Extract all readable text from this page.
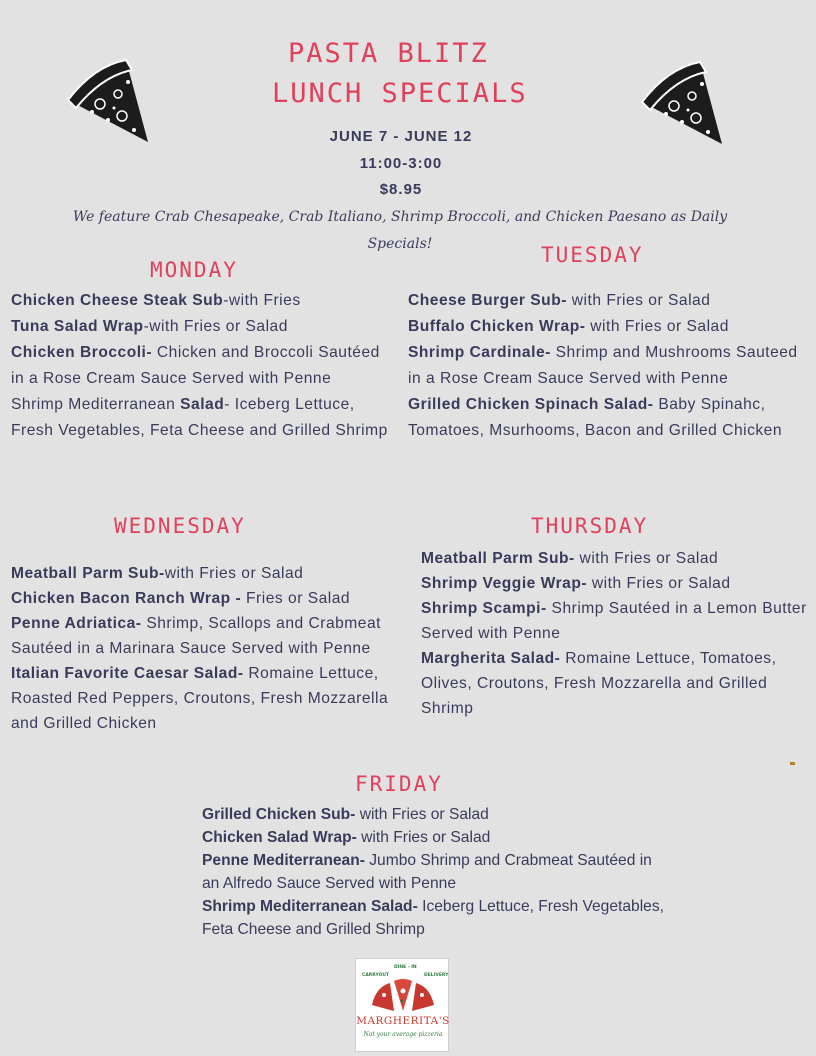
PASTA BLITZ
LUNCH SPECIALS
JUNE 7 - JUNE 12
11:00-3:00
$8.95
We feature Crab Chesapeake, Crab Italiano, Shrimp Broccoli, and Chicken Paesano as Daily Specials!
MONDAY

Chicken Cheese Steak Sub-with Fries

Tuna Salad Wrap-with Fries or Salad

Chicken Broccoli- Chicken and Broccoli Sautéed in a Rose Cream Sauce Served with Penne

Shrimp Mediterranean Salad- Iceberg Lettuce, Fresh Vegetables, Feta Cheese and Grilled Shrimp

TUESDAY

Cheese Burger Sub- with Fries or Salad

Buffalo Chicken Wrap- with Fries or Salad

Shrimp Cardinale- Shrimp and Mushrooms Sauteed in a Rose Cream Sauce Served with Penne

Grilled Chicken Spinach Salad- Baby Spinahc, Tomatoes, Msurhooms, Bacon and Grilled Chicken

WEDNESDAY

Meatball Parm Sub-with Fries or Salad

Chicken Bacon Ranch Wrap - Fries or Salad

Penne Adriatica- Shrimp, Scallops and Crabmeat Sautéed in a Marinara Sauce Served with Penne

Italian Favorite Caesar Salad- Romaine Lettuce, Roasted Red Peppers, Croutons, Fresh Mozzarella and Grilled Chicken

THURSDAY

Meatball Parm Sub- with Fries or Salad

Shrimp Veggie Wrap- with Fries or Salad

Shrimp Scampi- Shrimp Sautéed in a Lemon Butter Served with Penne

Margherita Salad- Romaine Lettuce, Tomatoes, Olives, Croutons, Fresh Mozzarella and Grilled Shrimp

FRIDAY

Grilled Chicken Sub- with Fries or Salad

Chicken Salad Wrap- with Fries or Salad

Penne Mediterranean- Jumbo Shrimp and Crabmeat Sautéed in an Alfredo Sauce Served with Penne

Shrimp Mediterranean Salad- Iceberg Lettuce, Fresh Vegetables, Feta Cheese and Grilled Shrimp

CARRYOUT
DINE - IN
DELIVERY
MARGHERITA'S
Not your average pizzeria
